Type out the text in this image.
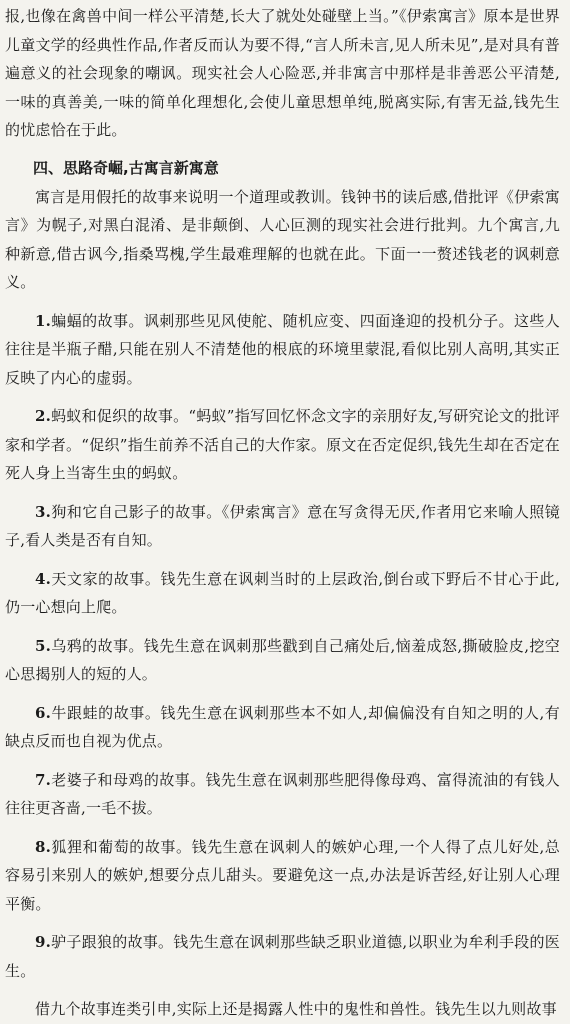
报,也像在禽兽中间一样公平清楚,长大了就处处碰壁上当。”《伊索寓言》原本是世界儿童文学的经典性作品,作者反而认为要不得,“言人所未言,见人所未见”,是对具有普遍意义的社会现象的嘲讽。现实社会人心险恶,并非寓言中那样是非善恶公平清楚,一味的真善美,一味的简单化理想化,会使儿童思想单纯,脱离实际,有害无益,钱先生的忧虑恰在于此。

四、思路奇崛,古寓言新寓意

寓言是用假托的故事来说明一个道理或教训。钱钟书的读后感,借批评《伊索寓言》为幌子,对黑白混淆、是非颠倒、人心叵测的现实社会进行批判。九个寓言,九种新意,借古讽今,指桑骂槐,学生最难理解的也就在此。下面一一赘述钱老的讽刺意义。

1.蝙蝠的故事。讽刺那些见风使舵、随机应变、四面逢迎的投机分子。这些人往往是半瓶子醋,只能在别人不清楚他的根底的环境里蒙混,看似比别人高明,其实正反映了内心的虚弱。

2.蚂蚁和促织的故事。“蚂蚁”指写回忆怀念文字的亲朋好友,写研究论文的批评家和学者。“促织”指生前养不活自己的大作家。原文在否定促织,钱先生却在否定在死人身上当寄生虫的蚂蚁。

3.狗和它自己影子的故事。《伊索寓言》意在写贪得无厌,作者用它来喻人照镜子,看人类是否有自知。

4.天文家的故事。钱先生意在讽刺当时的上层政治,倒台或下野后不甘心于此,仍一心想向上爬。

5.乌鸦的故事。钱先生意在讽刺那些戳到自己痛处后,恼羞成怒,撕破脸皮,挖空心思揭别人的短的人。

6.牛跟蛙的故事。钱先生意在讽刺那些本不如人,却偏偏没有自知之明的人,有缺点反而也自视为优点。

7.老婆子和母鸡的故事。钱先生意在讽刺那些肥得像母鸡、富得流油的有钱人往往更吝啬,一毛不拔。

8.狐狸和葡萄的故事。钱先生意在讽刺人的嫉妒心理,一个人得了点儿好处,总容易引来别人的嫉妒,想要分点儿甜头。要避免这一点,办法是诉苦经,好让别人心理平衡。

9.驴子跟狼的故事。钱先生意在讽刺那些缺乏职业道德,以职业为牟利手段的医生。

借九个故事连类引申,实际上还是揭露人性中的鬼性和兽性。钱先生以九则故事
